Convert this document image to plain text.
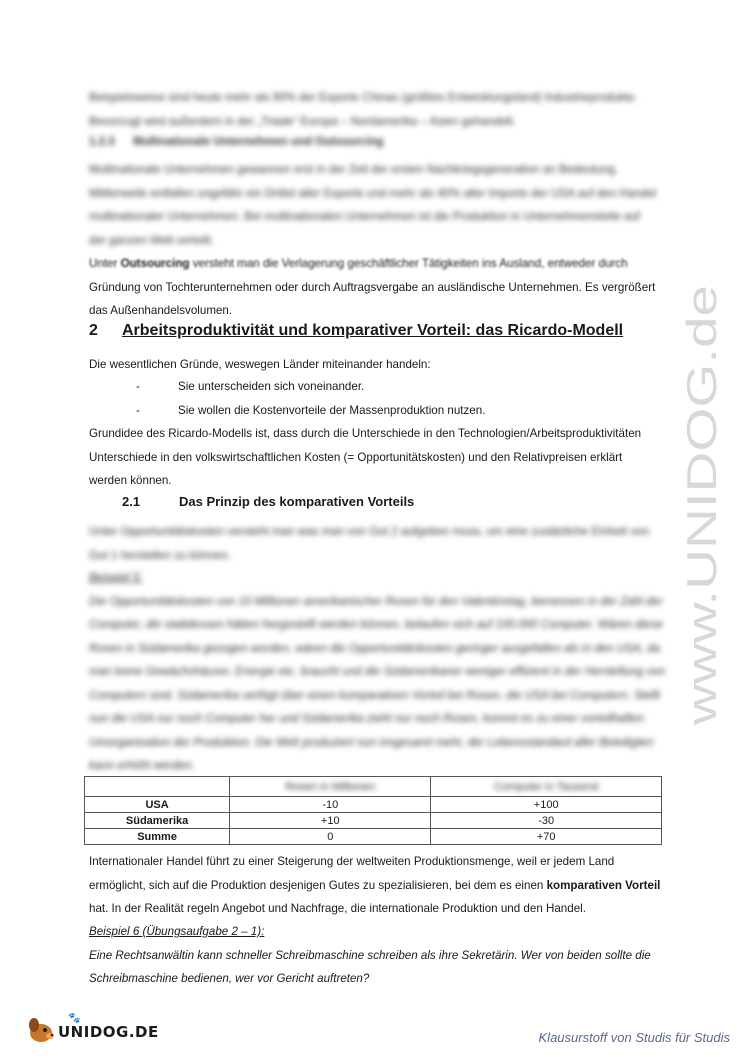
Beispielsweise sind heute mehr als 90% der Exporte Chinas (größtes Entwicklungsland) Industrieprodukte.
Bevorzugt wird außerdem in der „Triade“ Europa – Nordamerika – Asien gehandelt.
1.2.3 Multinationale Unternehmen und Outsourcing
Multinationale Unternehmen gewannen erst in der Zeit der ersten Nachkriegsgeneration an Bedeutung.
Mittlerweile entfallen ungefähr ein Drittel aller Exporte und mehr als 40% aller Importe der USA auf den Handel
multinationaler Unternehmen. Bei multinationalen Unternehmen ist die Produktion in Unternehmensteile auf
der ganzen Welt verteilt.
Unter Outsourcing versteht man die Verlagerung geschäftlicher Tätigkeiten ins Ausland, entweder durch
Gründung von Tochterunternehmen oder durch Auftragsvergabe an ausländische Unternehmen. Es vergrößert
das Außenhandelsvolumen.
2 Arbeitsproduktivität und komparativer Vorteil: das Ricardo-Modell
Die wesentlichen Gründe, weswegen Länder miteinander handeln:
-	Sie unterscheiden sich voneinander.
-	Sie wollen die Kostenvorteile der Massenproduktion nutzen.
Grundidee des Ricardo-Modells ist, dass durch die Unterschiede in den Technologien/Arbeitsproduktivitäten
Unterschiede in den volkswirtschaftlichen Kosten (= Opportunitätskosten) und den Relativpreisen erklärt
werden können.
2.1	Das Prinzip des komparativen Vorteils
Unter Opportunitätskosten versteht man was man von Gut 2 aufgeben muss, um eine zusätzliche Einheit von
Gut 1 herstellen zu können.
Beispiel 5:
Die Opportunitätskosten von 10 Millionen amerikanischer Rosen für den Valentinstag, bemessen in der Zahl der
Computer, die stattdessen hätten hergestellt werden können, belaufen sich auf 100.000 Computer. Wären diese
Rosen in Südamerika gezogen worden, wären die Opportunitätskosten geringer ausgefallen als in den USA, da
man keine Gewächshäuser, Energie etc. braucht und die Südamerikaner weniger effizient in der Herstellung von
Computern sind. Südamerika verfügt über einen komparativen Vorteil bei Rosen, die USA bei Computern. Stellt
nun die USA nur noch Computer her und Südamerika zieht nur noch Rosen, kommt es zu einer vorteilhaften
Umorganisation der Produktion. Die Welt produziert nun insgesamt mehr, der Lebensstandard aller Beteiligten
kann erhöht werden.
	Rosen in Millionen	Computer in Tausend
USA	-10	+100
Südamerika	+10	-30
Summe	0	+70
Internationaler Handel führt zu einer Steigerung der weltweiten Produktionsmenge, weil er jedem Land
ermöglicht, sich auf die Produktion desjenigen Gutes zu spezialisieren, bei dem es einen komparativen Vorteil
hat. In der Realität regeln Angebot und Nachfrage, die internationale Produktion und den Handel.
Beispiel 6 (Übungsaufgabe 2 – 1):
Eine Rechtsanwältin kann schneller Schreibmaschine schreiben als ihre Sekretärin. Wer von beiden sollte die
Schreibmaschine bedienen, wer vor Gericht auftreten?
www.UNIDOG.de
UNIDOG.DE
🐾
Klausurstoff von Studis für Studis
